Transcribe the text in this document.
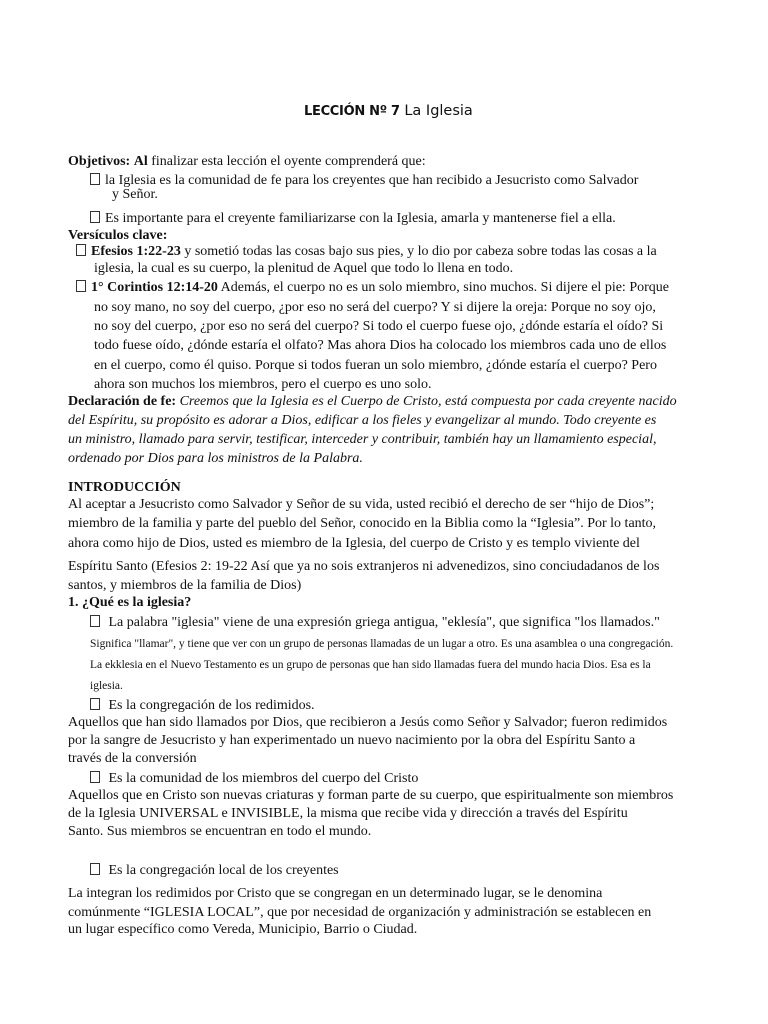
LECCIÓN Nº 7 La Iglesia
Objetivos: Al finalizar esta lección el oyente comprenderá que:
la Iglesia es la comunidad de fe para los creyentes que han recibido a Jesucristo como Salvador
y Señor.
Es importante para el creyente familiarizarse con la Iglesia, amarla y mantenerse fiel a ella.
Versículos clave:
Efesios 1:22-23 y sometió todas las cosas bajo sus pies, y lo dio por cabeza sobre todas las cosas a la
iglesia, la cual es su cuerpo, la plenitud de Aquel que todo lo llena en todo.
1° Corintios 12:14-20 Además, el cuerpo no es un solo miembro, sino muchos. Si dijere el pie: Porque
no soy mano, no soy del cuerpo, ¿por eso no será del cuerpo? Y si dijere la oreja: Porque no soy ojo,
no soy del cuerpo, ¿por eso no será del cuerpo? Si todo el cuerpo fuese ojo, ¿dónde estaría el oído? Si
todo fuese oído, ¿dónde estaría el olfato? Mas ahora Dios ha colocado los miembros cada uno de ellos
en el cuerpo, como él quiso. Porque si todos fueran un solo miembro, ¿dónde estaría el cuerpo? Pero
ahora son muchos los miembros, pero el cuerpo es uno solo.
Declaración de fe: Creemos que la Iglesia es el Cuerpo de Cristo, está compuesta por cada creyente nacido
del Espíritu, su propósito es adorar a Dios, edificar a los fieles y evangelizar al mundo. Todo creyente es
un ministro, llamado para servir, testificar, interceder y contribuir, también hay un llamamiento especial,
ordenado por Dios para los ministros de la Palabra.
INTRODUCCIÓN
Al aceptar a Jesucristo como Salvador y Señor de su vida, usted recibió el derecho de ser “hijo de Dios”;
miembro de la familia y parte del pueblo del Señor, conocido en la Biblia como la “Iglesia”. Por lo tanto,
ahora como hijo de Dios, usted es miembro de la Iglesia, del cuerpo de Cristo y es templo viviente del
Espíritu Santo (Efesios 2: 19-22 Así que ya no sois extranjeros ni advenedizos, sino conciudadanos de los
santos, y miembros de la familia de Dios)
1. ¿Qué es la iglesia?
La palabra "iglesia" viene de una expresión griega antigua, "eklesía", que significa "los llamados."
Significa "llamar", y tiene que ver con un grupo de personas llamadas de un lugar a otro. Es una asamblea o una congregación.
La ekklesia en el Nuevo Testamento es un grupo de personas que han sido llamadas fuera del mundo hacia Dios. Esa es la
iglesia.
Es la congregación de los redimidos.
Aquellos que han sido llamados por Dios, que recibieron a Jesús como Señor y Salvador; fueron redimidos
por la sangre de Jesucristo y han experimentado un nuevo nacimiento por la obra del Espíritu Santo a
través de la conversión
Es la comunidad de los miembros del cuerpo del Cristo
Aquellos que en Cristo son nuevas criaturas y forman parte de su cuerpo, que espiritualmente son miembros
de la Iglesia UNIVERSAL e INVISIBLE, la misma que recibe vida y dirección a través del Espíritu
Santo. Sus miembros se encuentran en todo el mundo.
Es la congregación local de los creyentes
La integran los redimidos por Cristo que se congregan en un determinado lugar, se le denomina
comúnmente “IGLESIA LOCAL”, que por necesidad de organización y administración se establecen en
un lugar específico como Vereda, Municipio, Barrio o Ciudad.
